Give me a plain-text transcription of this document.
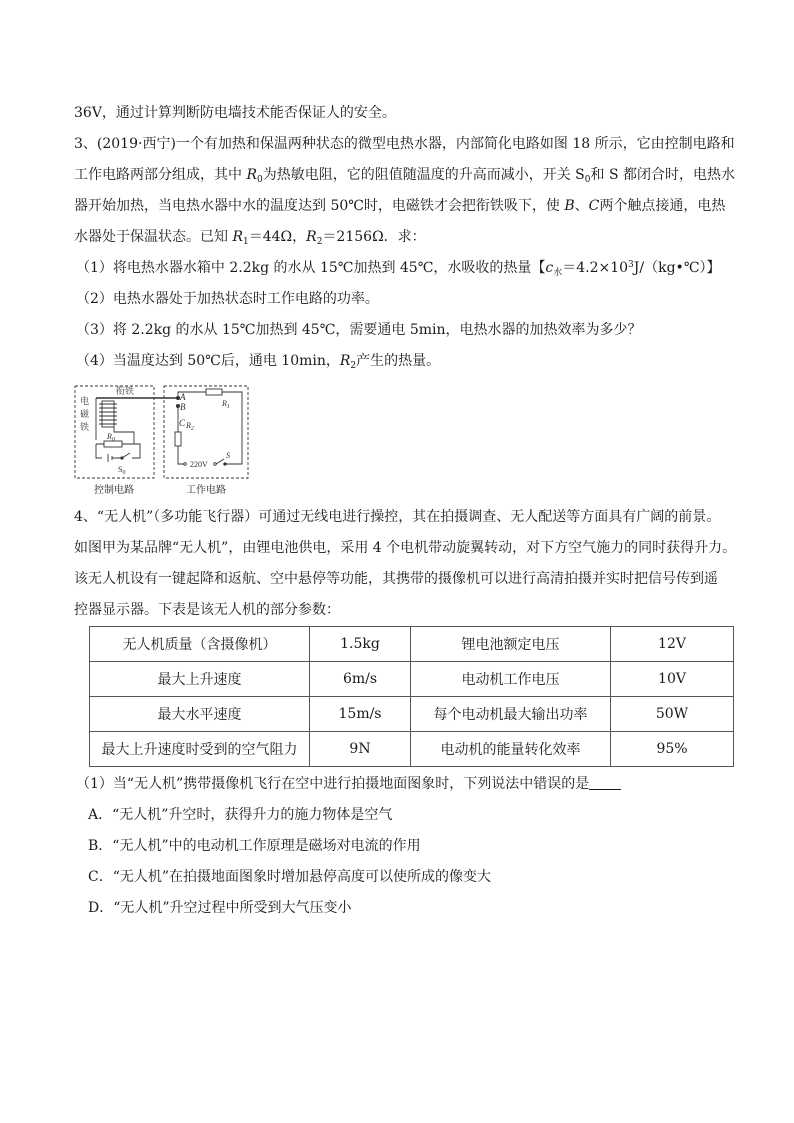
36V，通过计算判断防电墙技术能否保证人的安全。
3、(2019·西宁)一个有加热和保温两种状态的微型电热水器，内部简化电路如图 18 所示，它由控制电路和
工作电路两部分组成，其中 $R_0$为热敏电阻，它的阻值随温度的升高而减小，开关 $S_0$和 S 都闭合时，电热水
器开始加热，当电热水器中水的温度达到 50℃时，电磁铁才会把衔铁吸下，使 B、C两个触点接通，电热
水器处于保温状态。已知 $R_1=44\Omega$，$R_2=2156\Omega$．求：
（1）将电热水器水箱中 2.2kg 的水从 15℃加热到 45℃，水吸收的热量【$c_水=4.2\times 10^3J/(kg•℃)$】
（2）电热水器处于加热状态时工作电路的功率。
（3）将 2.2kg 的水从 15℃加热到 45℃，需要通电 5min，电热水器的加热效率为多少？
（4）当温度达到 50℃后，通电 10min，$R_2$产生的热量。
电
磁
铁
衔铁
$R_0$
$S_0$
A
B
C
$R_1$
$R_2$
220V
S
控制电路	工作电路
4、“无人机”（多功能飞行器）可通过无线电进行操控，其在拍摄调查、无人配送等方面具有广阔的前景。
如图甲为某品牌“无人机”，由锂电池供电，采用 4 个电机带动旋翼转动，对下方空气施力的同时获得升力。
该无人机设有一键起降和返航、空中悬停等功能，其携带的摄像机可以进行高清拍摄并实时把信号传到遥
控器显示器。下表是该无人机的部分参数：
无人机质量（含摄像机）	1.5kg	锂电池额定电压	12V
最大上升速度	6m/s	电动机工作电压	10V
最大水平速度	15m/s	每个电动机最大输出功率	50W
最大上升速度时受到的空气阻力	9N	电动机的能量转化效率	95%
（1）当“无人机”携带摄像机飞行在空中进行拍摄地面图象时，下列说法中错误的是
A．“无人机”升空时，获得升力的施力物体是空气
B．“无人机”中的电动机工作原理是磁场对电流的作用
C．“无人机”在拍摄地面图象时增加悬停高度可以使所成的像变大
D．“无人机”升空过程中所受到大气压变小
